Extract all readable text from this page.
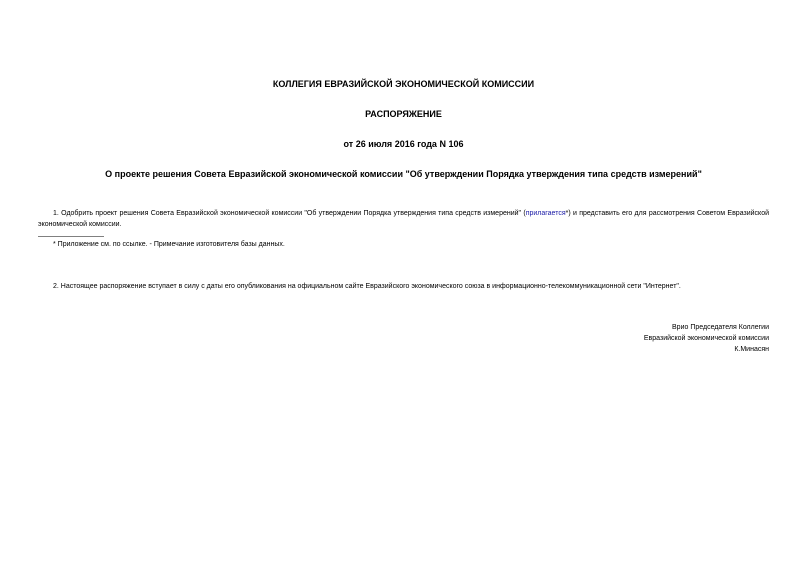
КОЛЛЕГИЯ ЕВРАЗИЙСКОЙ ЭКОНОМИЧЕСКОЙ КОМИССИИ
РАСПОРЯЖЕНИЕ
от 26 июля 2016 года N 106
О проекте решения Совета Евразийской экономической комиссии "Об утверждении Порядка утверждения типа средств измерений"
1. Одобрить проект решения Совета Евразийской экономической комиссии "Об утверждении Порядка утверждения типа средств измерений" (прилагается*) и представить его для рассмотрения Советом Евразийской экономической комиссии.
* Приложение см. по ссылке. - Примечание изготовителя базы данных.
2. Настоящее распоряжение вступает в силу с даты его опубликования на официальном сайте Евразийского экономического союза в информационно-телекоммуникационной сети "Интернет".
Врио Председателя Коллегии
Евразийской экономической комиссии
К.Минасян
